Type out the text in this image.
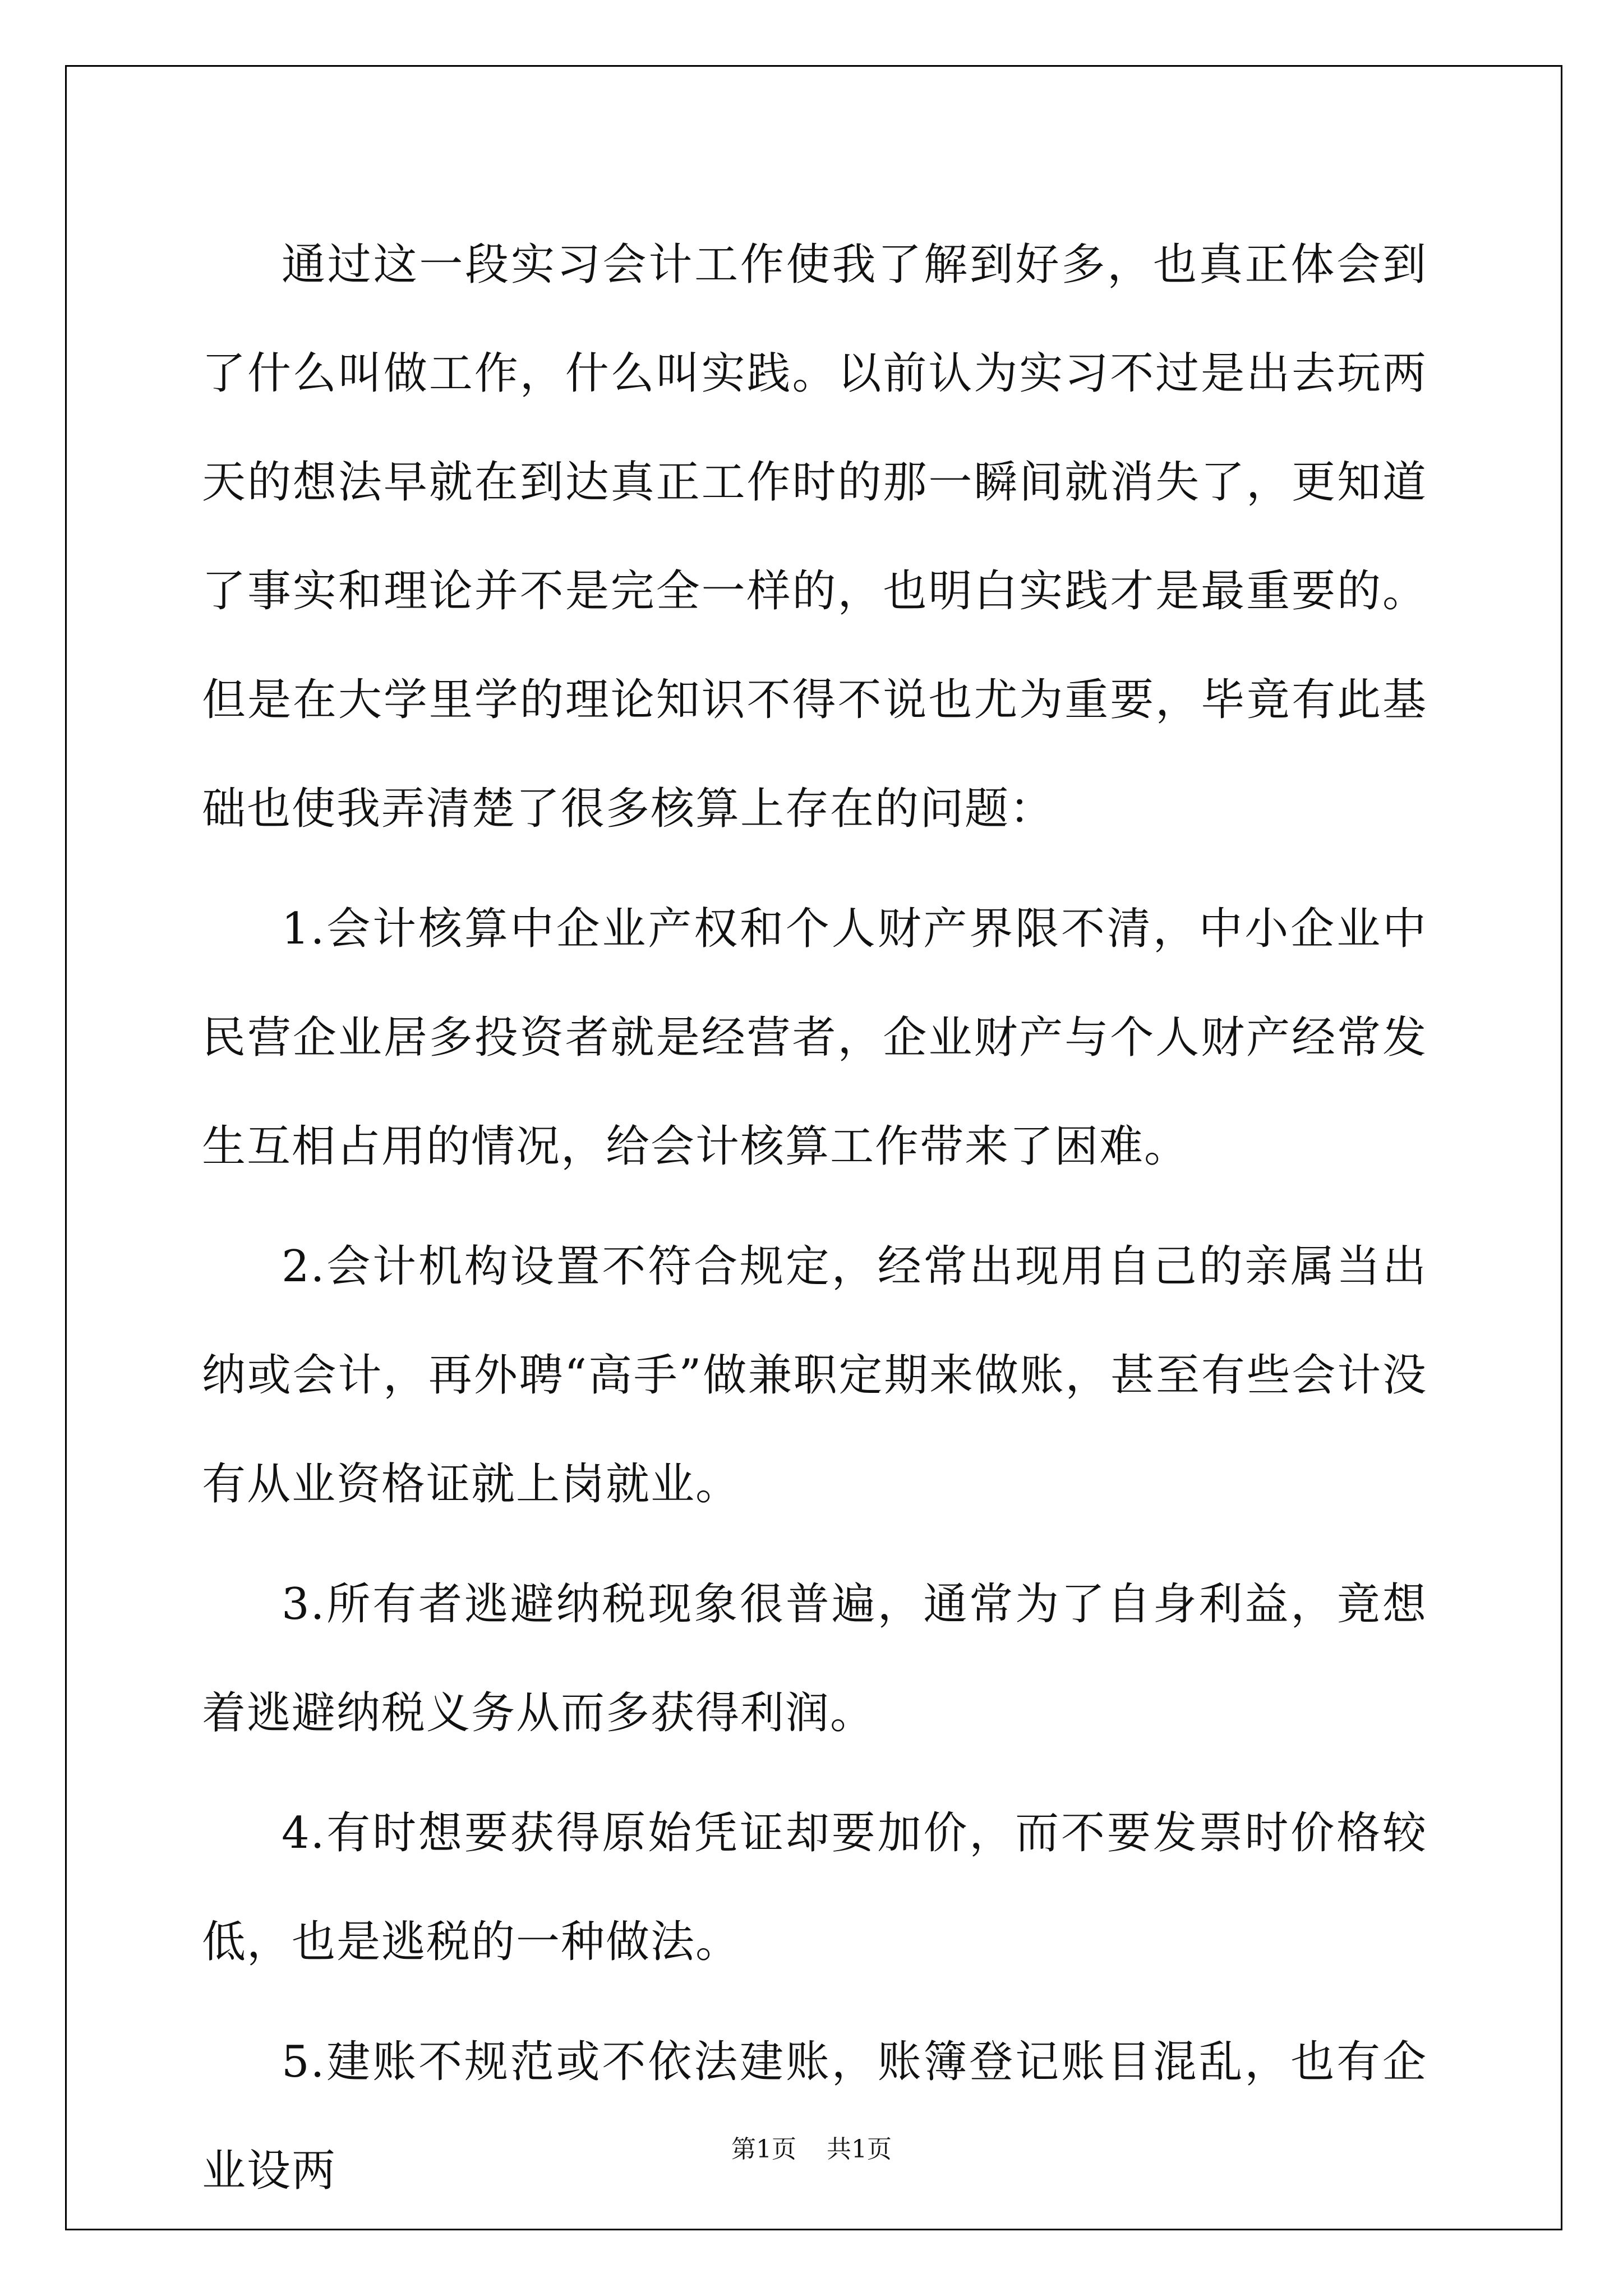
通过这一段实习会计工作使我了解到好多，也真正体会到了什么叫做工作，什么叫实践。以前认为实习不过是出去玩两天的想法早就在到达真正工作时的那一瞬间就消失了，更知道了事实和理论并不是完全一样的，也明白实践才是最重要的。但是在大学里学的理论知识不得不说也尤为重要，毕竟有此基础也使我弄清楚了很多核算上存在的问题：

1.会计核算中企业产权和个人财产界限不清，中小企业中民营企业居多投资者就是经营者，企业财产与个人财产经常发生互相占用的情况，给会计核算工作带来了困难。

2.会计机构设置不符合规定，经常出现用自己的亲属当出纳或会计，再外聘“高手”做兼职定期来做账，甚至有些会计没有从业资格证就上岗就业。

3.所有者逃避纳税现象很普遍，通常为了自身利益，竟想着逃避纳税义务从而多获得利润。

4.有时想要获得原始凭证却要加价，而不要发票时价格较低，也是逃税的一种做法。

5.建账不规范或不依法建账，账簿登记账目混乱，也有企业设两	第1页 共1页
